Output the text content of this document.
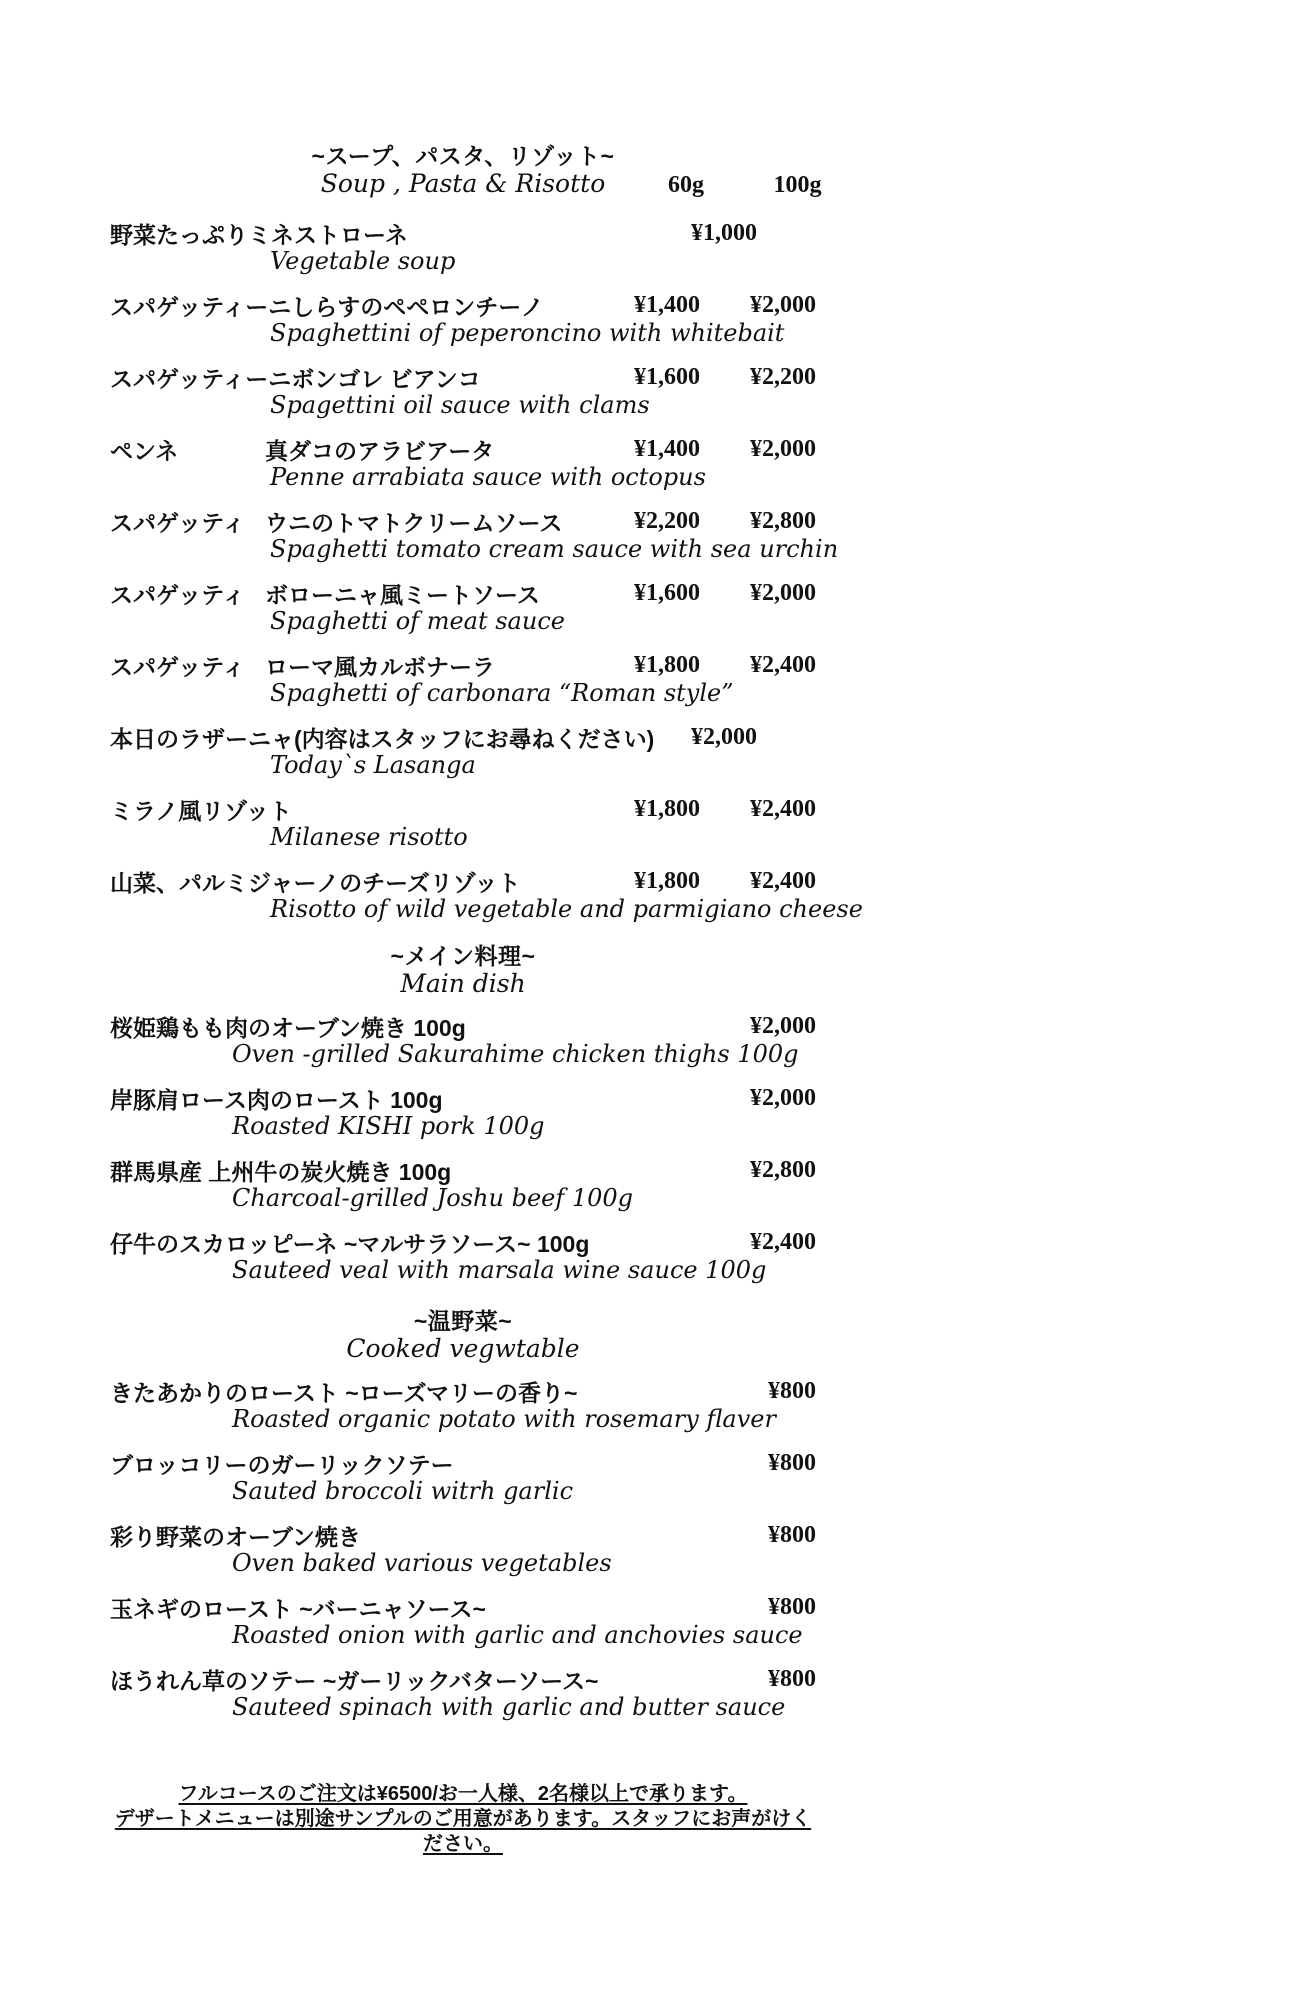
~スープ、パスタ、リゾット~
Soup , Pasta & Risotto	60g	100g
野菜たっぷりミネストローネ	¥1,000
Vegetable soup
スパゲッティーニしらすのペペロンチーノ	¥1,400 ¥2,000
Spaghettini of peperoncino with whitebait
スパゲッティーニボンゴレ ビアンコ	¥1,600 ¥2,200
Spagettini oil sauce with clams
ペンネ	真ダコのアラビアータ	¥1,400 ¥2,000
Penne arrabiata sauce with octopus
スパゲッティ ウニのトマトクリームソース	¥2,200 ¥2,800
Spaghetti tomato cream sauce with sea urchin
スパゲッティ ボローニャ風ミートソース	¥1,600 ¥2,000
Spaghetti of meat sauce
スパゲッティ ローマ風カルボナーラ	¥1,800 ¥2,400
Spaghetti of carbonara “Roman style”
本日のラザーニャ(内容はスタッフにお尋ねください) ¥2,000
Today`s Lasanga
ミラノ風リゾット	¥1,800 ¥2,400
Milanese risotto
山菜、パルミジャーノのチーズリゾット	¥1,800 ¥2,400
Risotto of wild vegetable and parmigiano cheese
~メイン料理~
Main dish
桜姫鶏もも肉のオーブン焼き 100g	¥2,000
Oven -grilled Sakurahime chicken thighs 100g
岸豚肩ロース肉のロースト 100g	¥2,000
Roasted KISHI pork 100g
群馬県産 上州牛の炭火焼き 100g	¥2,800
Charcoal-grilled Joshu beef 100g
仔牛のスカロッピーネ ~マルサラソース~ 100g	¥2,400
Sauteed veal with marsala wine sauce 100g
~温野菜~
Cooked vegwtable
きたあかりのロースト ~ローズマリーの香り~	¥800
Roasted organic potato with rosemary flaver
ブロッコリーのガーリックソテー	¥800
Sauted broccoli witrh garlic
彩り野菜のオーブン焼き	¥800
Oven baked various vegetables
玉ネギのロースト ~バーニャソース~	¥800
Roasted onion with garlic and anchovies sauce
ほうれん草のソテー ~ガーリックバターソース~	¥800
Sauteed spinach with garlic and butter sauce
フルコースのご注文は¥6500/お一人様、2名様以上で承ります。
デザートメニューは別途サンプルのご用意があります。スタッフにお声がけください。
